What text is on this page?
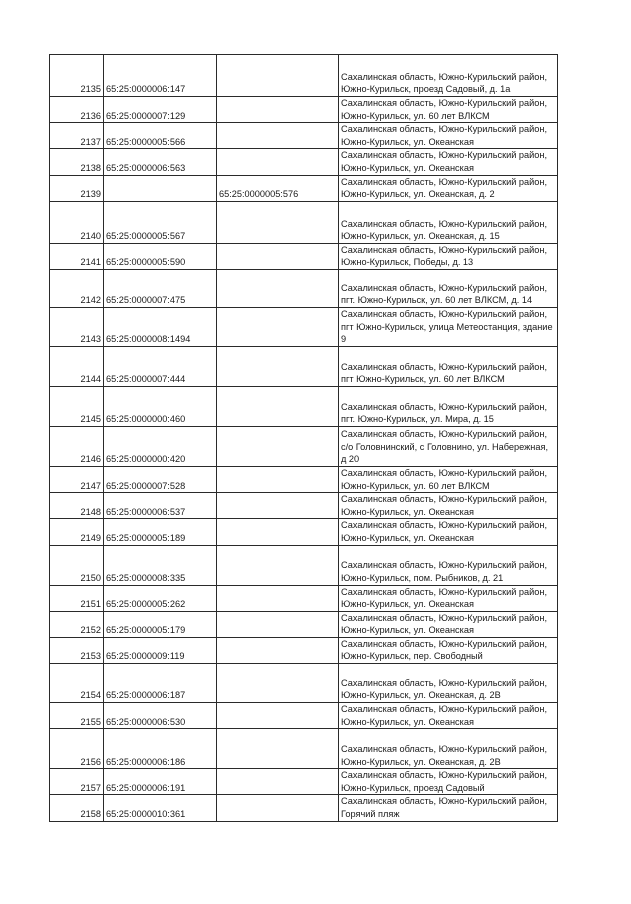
2135	65:25:0000006:147		Сахалинская область, Южно-Курильский район, Южно-Курильск, проезд Садовый, д. 1а
2136	65:25:0000007:129		Сахалинская область, Южно-Курильский район, Южно-Курильск, ул. 60 лет ВЛКСМ
2137	65:25:0000005:566		Сахалинская область, Южно-Курильский район, Южно-Курильск, ул. Океанская
2138	65:25:0000006:563		Сахалинская область, Южно-Курильский район, Южно-Курильск, ул. Океанская
2139		65:25:0000005:576	Сахалинская область, Южно-Курильский район, Южно-Курильск, ул. Океанская, д. 2
2140	65:25:0000005:567		Сахалинская область, Южно-Курильский район, Южно-Курильск, ул. Океанская, д. 15
2141	65:25:0000005:590		Сахалинская область, Южно-Курильский район, Южно-Курильск, Победы, д. 13
2142	65:25:0000007:475		Сахалинская область, Южно-Курильский район, пгт. Южно-Курильск, ул. 60 лет ВЛКСМ, д. 14
2143	65:25:0000008:1494		Сахалинская область, Южно-Курильский район, пгт Южно-Курильск, улица Метеостанция, здание 9
2144	65:25:0000007:444		Сахалинская область, Южно-Курильский район, пгт Южно-Курильск, ул. 60 лет ВЛКСМ
2145	65:25:0000000:460		Сахалинская область, Южно-Курильский район, пгт. Южно-Курильск, ул. Мира, д. 15
2146	65:25:0000000:420		Сахалинская область, Южно-Курильский район, с/о Головнинский, с Головнино, ул. Набережная, д 20
2147	65:25:0000007:528		Сахалинская область, Южно-Курильский район, Южно-Курильск, ул. 60 лет ВЛКСМ
2148	65:25:0000006:537		Сахалинская область, Южно-Курильский район, Южно-Курильск, ул. Океанская
2149	65:25:0000005:189		Сахалинская область, Южно-Курильский район, Южно-Курильск, ул. Океанская
2150	65:25:0000008:335		Сахалинская область, Южно-Курильский район, Южно-Курильск, пом. Рыбников, д. 21
2151	65:25:0000005:262		Сахалинская область, Южно-Курильский район, Южно-Курильск, ул. Океанская
2152	65:25:0000005:179		Сахалинская область, Южно-Курильский район, Южно-Курильск, ул. Океанская
2153	65:25:0000009:119		Сахалинская область, Южно-Курильский район, Южно-Курильск, пер. Свободный
2154	65:25:0000006:187		Сахалинская область, Южно-Курильский район, Южно-Курильск, ул. Океанская, д. 2В
2155	65:25:0000006:530		Сахалинская область, Южно-Курильский район, Южно-Курильск, ул. Океанская
2156	65:25:0000006:186		Сахалинская область, Южно-Курильский район, Южно-Курильск, ул. Океанская, д. 2В
2157	65:25:0000006:191		Сахалинская область, Южно-Курильский район, Южно-Курильск, проезд Садовый
2158	65:25:0000010:361		Сахалинская область, Южно-Курильский район, Горячий пляж
